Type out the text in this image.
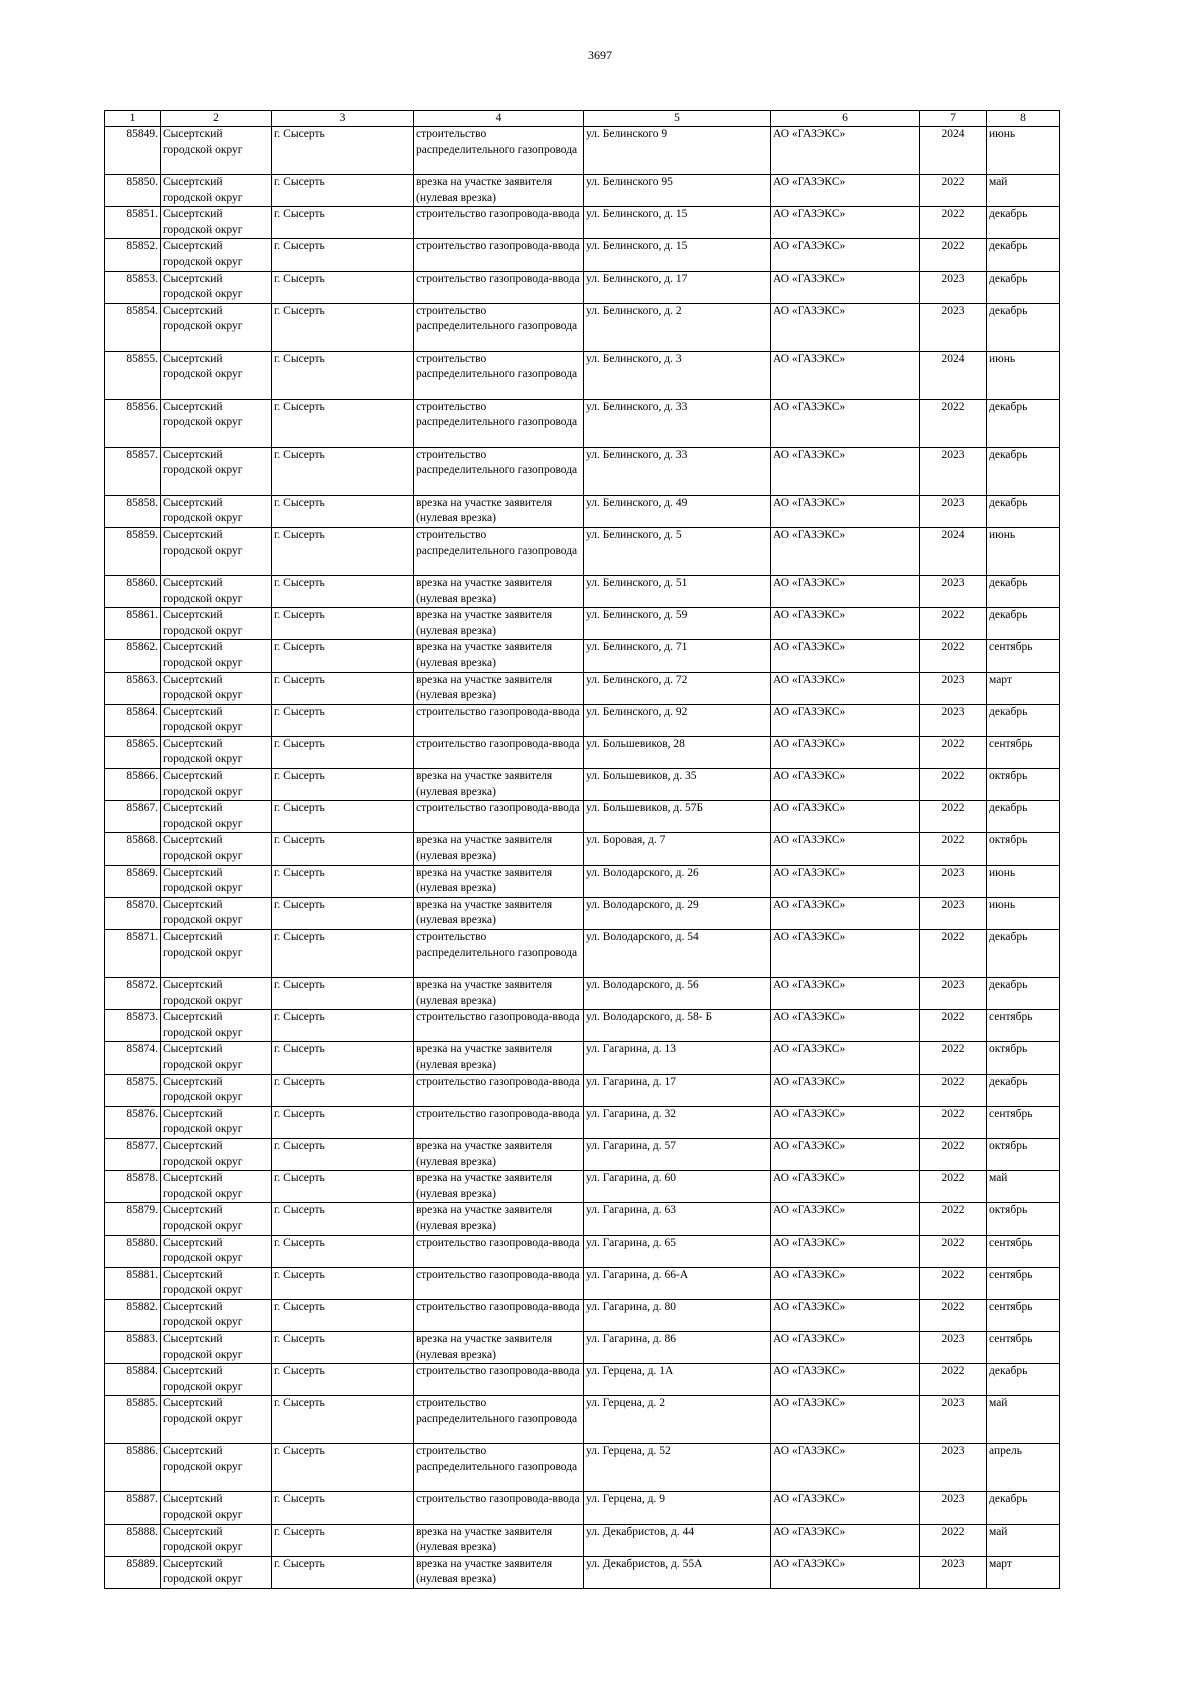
3697
1	2	3	4	5	6	7	8
85849.	Сысертский городской округ	г. Сысерть	строительство распределительного газопровода	ул. Белинского 9	АО «ГАЗЭКС»	2024	июнь
85850.	Сысертский городской округ	г. Сысерть	врезка на участке заявителя (нулевая врезка)	ул. Белинского 95	АО «ГАЗЭКС»	2022	май
85851.	Сысертский городской округ	г. Сысерть	строительство газопровода-ввода	ул. Белинского, д. 15	АО «ГАЗЭКС»	2022	декабрь
85852.	Сысертский городской округ	г. Сысерть	строительство газопровода-ввода	ул. Белинского, д. 15	АО «ГАЗЭКС»	2022	декабрь
85853.	Сысертский городской округ	г. Сысерть	строительство газопровода-ввода	ул. Белинского, д. 17	АО «ГАЗЭКС»	2023	декабрь
85854.	Сысертский городской округ	г. Сысерть	строительство распределительного газопровода	ул. Белинского, д. 2	АО «ГАЗЭКС»	2023	декабрь
85855.	Сысертский городской округ	г. Сысерть	строительство распределительного газопровода	ул. Белинского, д. 3	АО «ГАЗЭКС»	2024	июнь
85856.	Сысертский городской округ	г. Сысерть	строительство распределительного газопровода	ул. Белинского, д. 33	АО «ГАЗЭКС»	2022	декабрь
85857.	Сысертский городской округ	г. Сысерть	строительство распределительного газопровода	ул. Белинского, д. 33	АО «ГАЗЭКС»	2023	декабрь
85858.	Сысертский городской округ	г. Сысерть	врезка на участке заявителя (нулевая врезка)	ул. Белинского, д. 49	АО «ГАЗЭКС»	2023	декабрь
85859.	Сысертский городской округ	г. Сысерть	строительство распределительного газопровода	ул. Белинского, д. 5	АО «ГАЗЭКС»	2024	июнь
85860.	Сысертский городской округ	г. Сысерть	врезка на участке заявителя (нулевая врезка)	ул. Белинского, д. 51	АО «ГАЗЭКС»	2023	декабрь
85861.	Сысертский городской округ	г. Сысерть	врезка на участке заявителя (нулевая врезка)	ул. Белинского, д. 59	АО «ГАЗЭКС»	2022	декабрь
85862.	Сысертский городской округ	г. Сысерть	врезка на участке заявителя (нулевая врезка)	ул. Белинского, д. 71	АО «ГАЗЭКС»	2022	сентябрь
85863.	Сысертский городской округ	г. Сысерть	врезка на участке заявителя (нулевая врезка)	ул. Белинского, д. 72	АО «ГАЗЭКС»	2023	март
85864.	Сысертский городской округ	г. Сысерть	строительство газопровода-ввода	ул. Белинского, д. 92	АО «ГАЗЭКС»	2023	декабрь
85865.	Сысертский городской округ	г. Сысерть	строительство газопровода-ввода	ул. Большевиков, 28	АО «ГАЗЭКС»	2022	сентябрь
85866.	Сысертский городской округ	г. Сысерть	врезка на участке заявителя (нулевая врезка)	ул. Большевиков, д. 35	АО «ГАЗЭКС»	2022	октябрь
85867.	Сысертский городской округ	г. Сысерть	строительство газопровода-ввода	ул. Большевиков, д. 57Б	АО «ГАЗЭКС»	2022	декабрь
85868.	Сысертский городской округ	г. Сысерть	врезка на участке заявителя (нулевая врезка)	ул. Боровая, д. 7	АО «ГАЗЭКС»	2022	октябрь
85869.	Сысертский городской округ	г. Сысерть	врезка на участке заявителя (нулевая врезка)	ул. Володарского, д. 26	АО «ГАЗЭКС»	2023	июнь
85870.	Сысертский городской округ	г. Сысерть	врезка на участке заявителя (нулевая врезка)	ул. Володарского, д. 29	АО «ГАЗЭКС»	2023	июнь
85871.	Сысертский городской округ	г. Сысерть	строительство распределительного газопровода	ул. Володарского, д. 54	АО «ГАЗЭКС»	2022	декабрь
85872.	Сысертский городской округ	г. Сысерть	врезка на участке заявителя (нулевая врезка)	ул. Володарского, д. 56	АО «ГАЗЭКС»	2023	декабрь
85873.	Сысертский городской округ	г. Сысерть	строительство газопровода-ввода	ул. Володарского, д. 58- Б	АО «ГАЗЭКС»	2022	сентябрь
85874.	Сысертский городской округ	г. Сысерть	врезка на участке заявителя (нулевая врезка)	ул. Гагарина, д. 13	АО «ГАЗЭКС»	2022	октябрь
85875.	Сысертский городской округ	г. Сысерть	строительство газопровода-ввода	ул. Гагарина, д. 17	АО «ГАЗЭКС»	2022	декабрь
85876.	Сысертский городской округ	г. Сысерть	строительство газопровода-ввода	ул. Гагарина, д. 32	АО «ГАЗЭКС»	2022	сентябрь
85877.	Сысертский городской округ	г. Сысерть	врезка на участке заявителя (нулевая врезка)	ул. Гагарина, д. 57	АО «ГАЗЭКС»	2022	октябрь
85878.	Сысертский городской округ	г. Сысерть	врезка на участке заявителя (нулевая врезка)	ул. Гагарина, д. 60	АО «ГАЗЭКС»	2022	май
85879.	Сысертский городской округ	г. Сысерть	врезка на участке заявителя (нулевая врезка)	ул. Гагарина, д. 63	АО «ГАЗЭКС»	2022	октябрь
85880.	Сысертский городской округ	г. Сысерть	строительство газопровода-ввода	ул. Гагарина, д. 65	АО «ГАЗЭКС»	2022	сентябрь
85881.	Сысертский городской округ	г. Сысерть	строительство газопровода-ввода	ул. Гагарина, д. 66-А	АО «ГАЗЭКС»	2022	сентябрь
85882.	Сысертский городской округ	г. Сысерть	строительство газопровода-ввода	ул. Гагарина, д. 80	АО «ГАЗЭКС»	2022	сентябрь
85883.	Сысертский городской округ	г. Сысерть	врезка на участке заявителя (нулевая врезка)	ул. Гагарина, д. 86	АО «ГАЗЭКС»	2023	сентябрь
85884.	Сысертский городской округ	г. Сысерть	строительство газопровода-ввода	ул. Герцена, д. 1А	АО «ГАЗЭКС»	2022	декабрь
85885.	Сысертский городской округ	г. Сысерть	строительство распределительного газопровода	ул. Герцена, д. 2	АО «ГАЗЭКС»	2023	май
85886.	Сысертский городской округ	г. Сысерть	строительство распределительного газопровода	ул. Герцена, д. 52	АО «ГАЗЭКС»	2023	апрель
85887.	Сысертский городской округ	г. Сысерть	строительство газопровода-ввода	ул. Герцена, д. 9	АО «ГАЗЭКС»	2023	декабрь
85888.	Сысертский городской округ	г. Сысерть	врезка на участке заявителя (нулевая врезка)	ул. Декабристов, д. 44	АО «ГАЗЭКС»	2022	май
85889.	Сысертский городской округ	г. Сысерть	врезка на участке заявителя (нулевая врезка)	ул. Декабристов, д. 55А	АО «ГАЗЭКС»	2023	март
